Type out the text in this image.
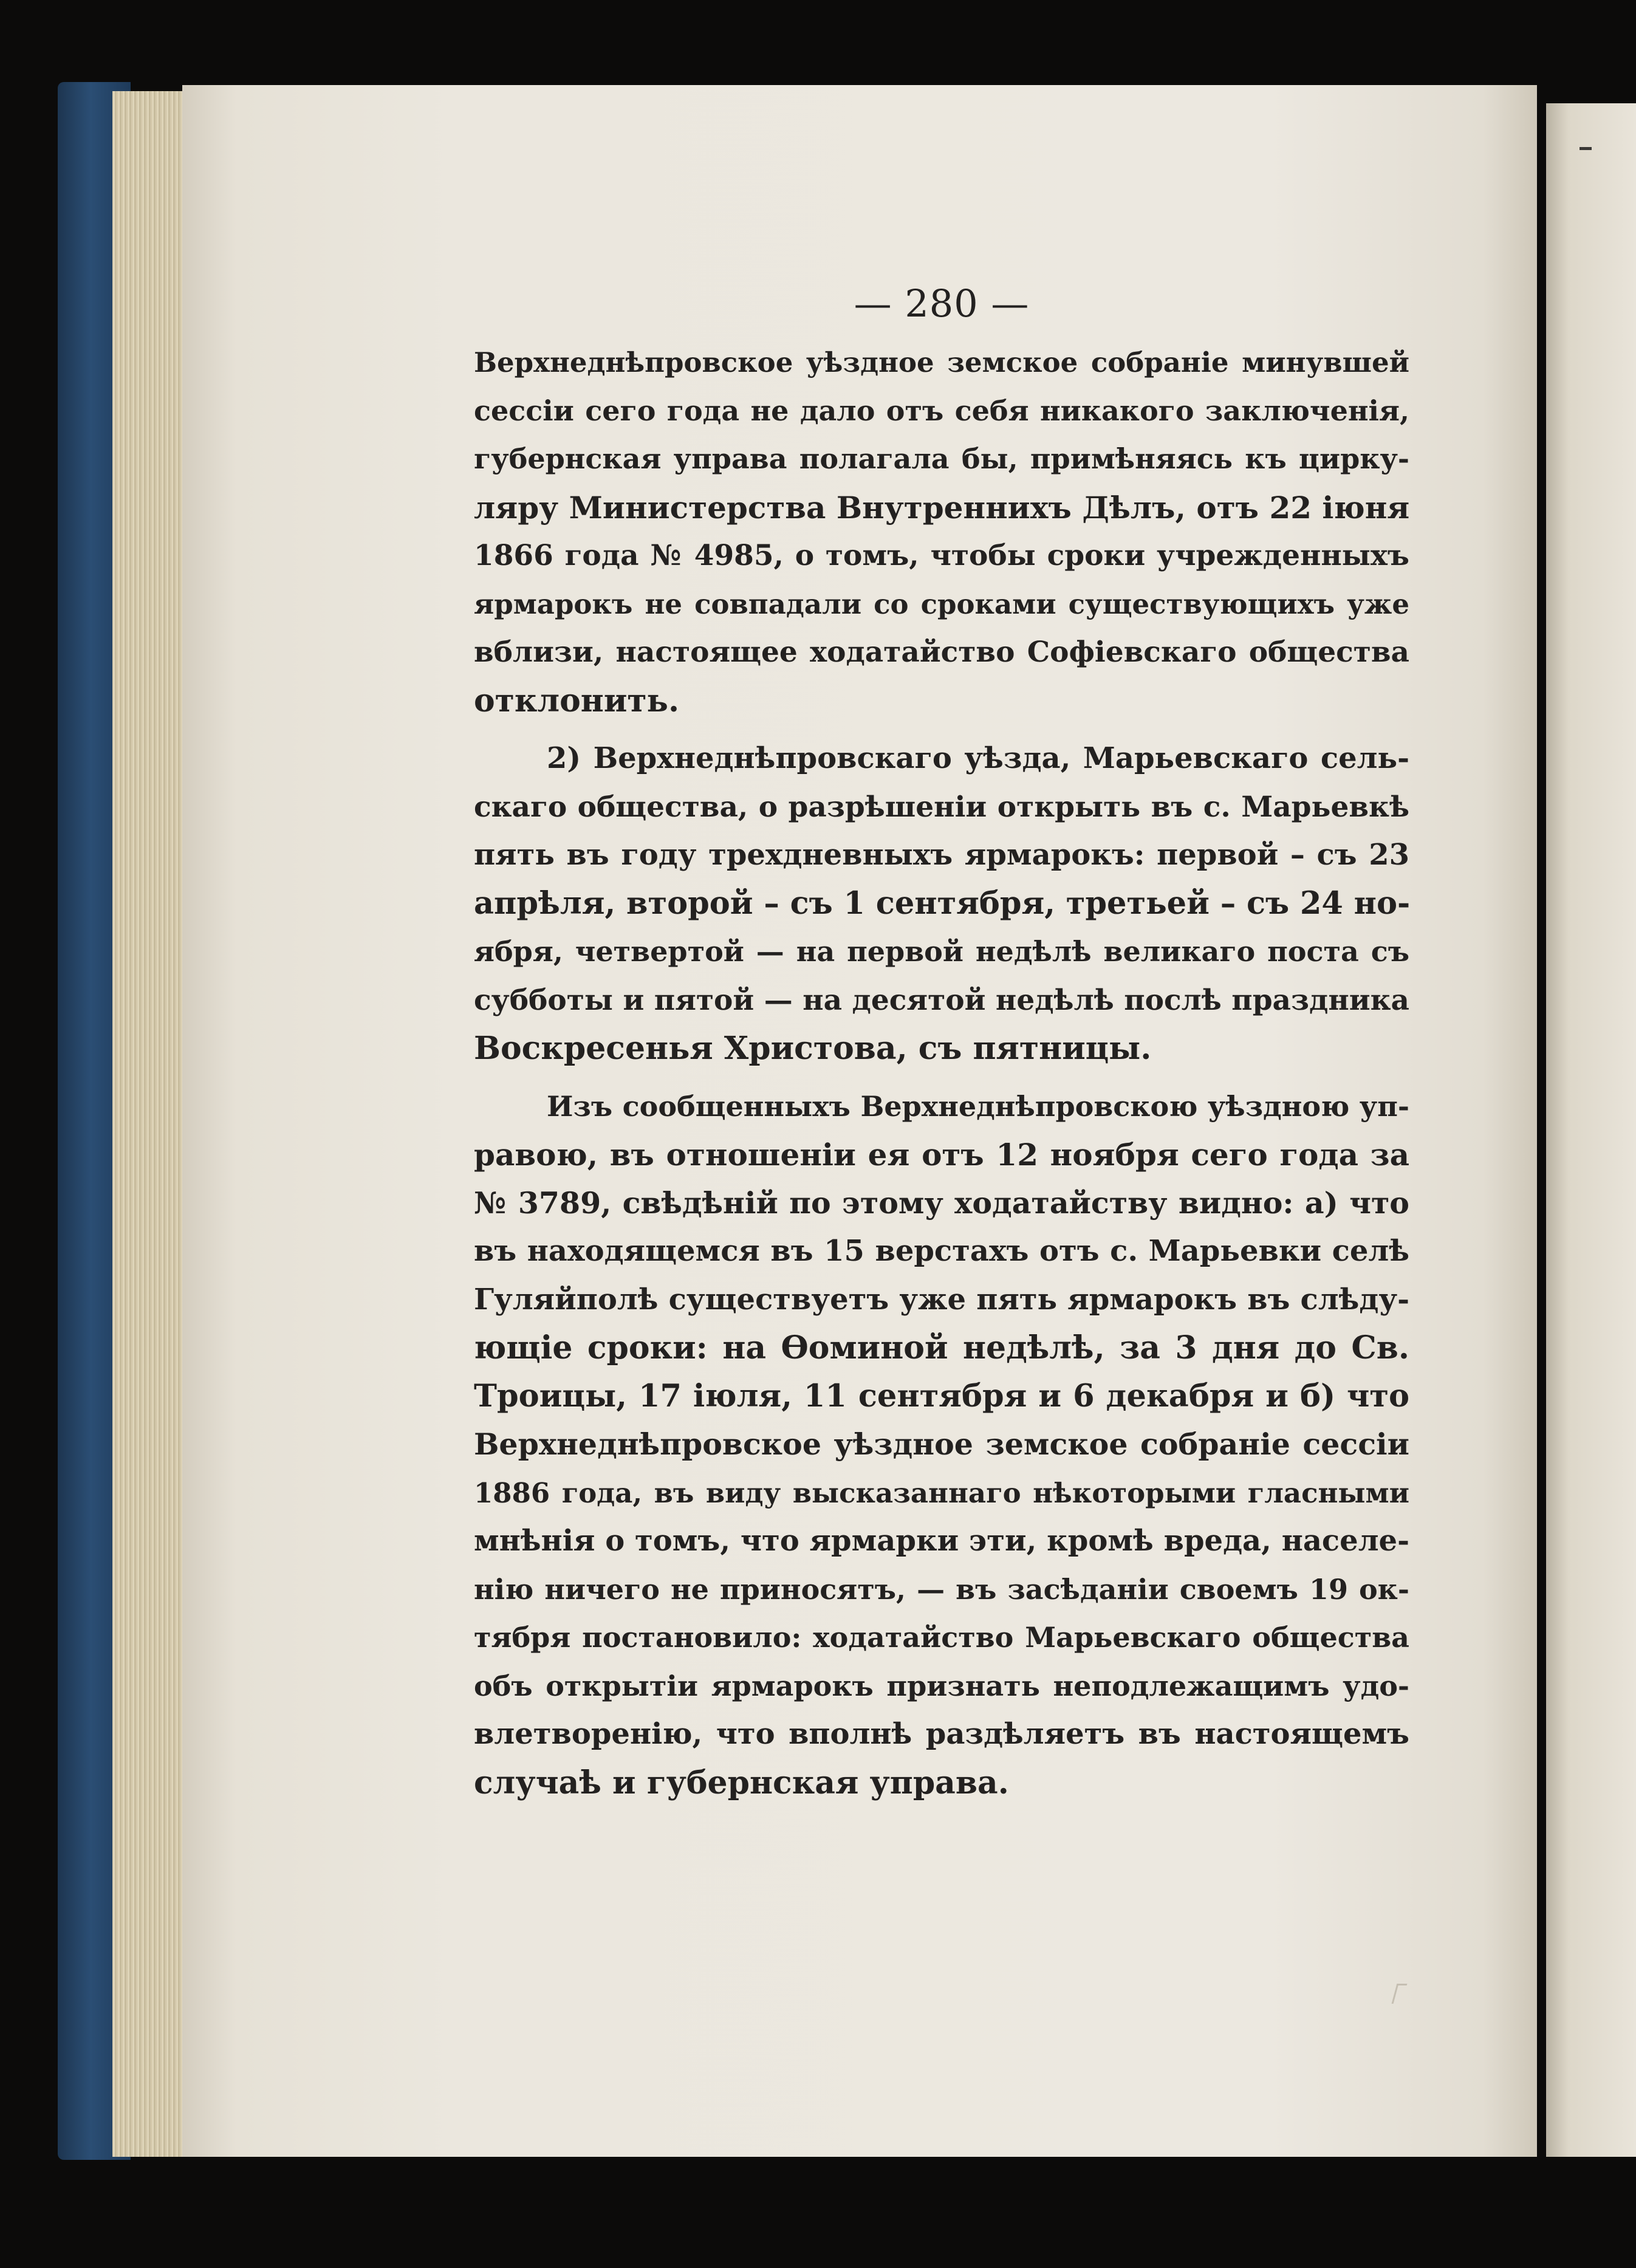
— 280 —
Верхнеднѣпровское уѣздное земское собраніе минувшей
сессіи сего года не дало отъ себя никакого заключенія,
губернская управа полагала бы, примѣняясь къ цирку-
ляру Министерства Внутреннихъ Дѣлъ, отъ 22 іюня
1866 года № 4985, о томъ, чтобы сроки учрежденныхъ
ярмарокъ не совпадали со сроками существующихъ уже
вблизи, настоящее ходатайство Софіевскаго общества
отклонить.
2) Верхнеднѣпровскаго уѣзда, Марьевскаго сель-
скаго общества, о разрѣшеніи открыть въ с. Марьевкѣ
пять въ году трехдневныхъ ярмарокъ: первой – съ 23
апрѣля, второй – съ 1 сентября, третьей – съ 24 но-
ября, четвертой — на первой недѣлѣ великаго поста съ
субботы и пятой — на десятой недѣлѣ послѣ праздника
Воскресенья Христова, съ пятницы.
Изъ сообщенныхъ Верхнеднѣпровскою уѣздною уп-
равою, въ отношеніи ея отъ 12 ноября сего года за
№ 3789, свѣдѣній по этому ходатайству видно: а) что
въ находящемся въ 15 верстахъ отъ с. Марьевки селѣ
Гуляйполѣ существуетъ уже пять ярмарокъ въ слѣду-
ющіе сроки: на Ѳоминой недѣлѣ, за 3 дня до Св.
Троицы, 17 іюля, 11 сентября и 6 декабря и б) что
Верхнеднѣпровское уѣздное земское собраніе сессіи
1886 года, въ виду высказаннаго нѣкоторыми гласными
мнѣнія о томъ, что ярмарки эти, кромѣ вреда, населе-
нію ничего не приносятъ, — въ засѣданіи своемъ 19 ок-
тября постановило: ходатайство Марьевскаго общества
объ открытіи ярмарокъ признать неподлежащимъ удо-
влетворенію, что вполнѣ раздѣляетъ въ настоящемъ
случаѣ и губернская управа.
